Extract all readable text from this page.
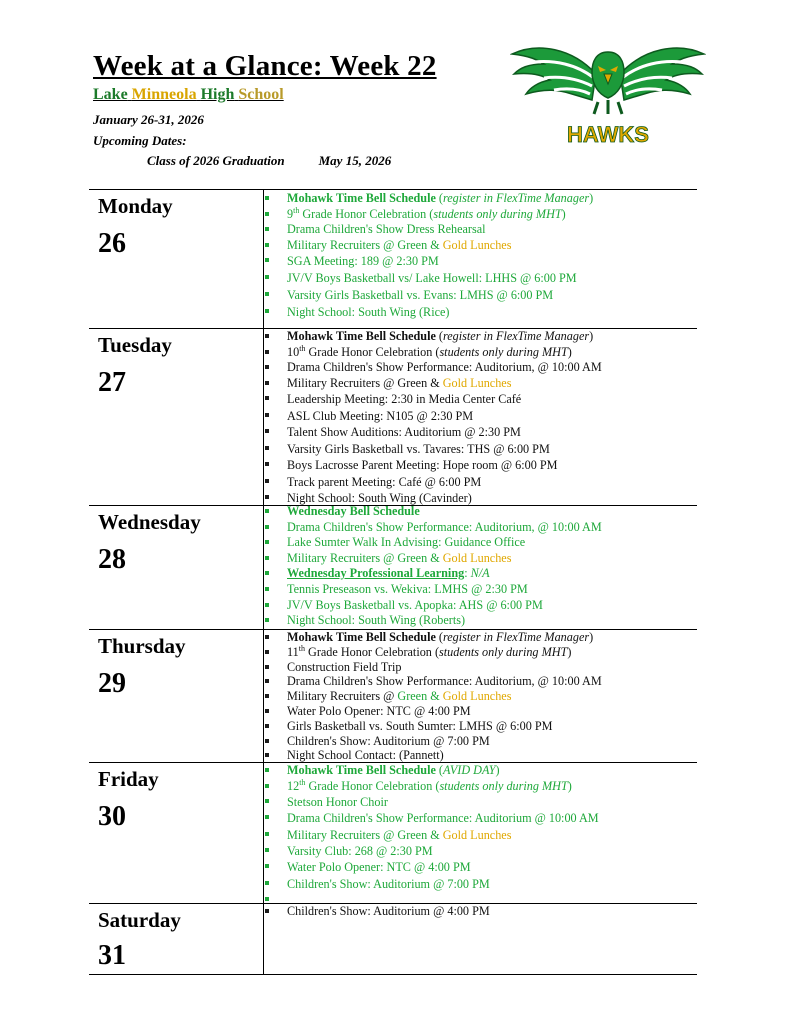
Week at a Glance: Week 22
Lake Minneola High School
January 26-31, 2026
Upcoming Dates:
Class of 2026 Graduation	May 15, 2026
HAWKS
Monday
26
Mohawk Time Bell Schedule (register in FlexTime Manager)
9th Grade Honor Celebration (students only during MHT)
Drama Children's Show Dress Rehearsal
Military Recruiters @ Green & Gold Lunches
SGA Meeting: 189 @ 2:30 PM
JV/V Boys Basketball vs/ Lake Howell: LHHS @ 6:00 PM
Varsity Girls Basketball vs. Evans: LMHS @ 6:00 PM
Night School: South Wing (Rice)
Tuesday
27
Mohawk Time Bell Schedule (register in FlexTime Manager)
10th Grade Honor Celebration (students only during MHT)
Drama Children's Show Performance: Auditorium, @ 10:00 AM
Military Recruiters @ Green & Gold Lunches
Leadership Meeting: 2:30 in Media Center Café
ASL Club Meeting: N105 @ 2:30 PM
Talent Show Auditions: Auditorium @ 2:30 PM
Varsity Girls Basketball vs. Tavares: THS @ 6:00 PM
Boys Lacrosse Parent Meeting: Hope room @ 6:00 PM
Track parent Meeting: Café @ 6:00 PM
Night School: South Wing (Cavinder)
Wednesday
28
Wednesday Bell Schedule
Drama Children's Show Performance: Auditorium, @ 10:00 AM
Lake Sumter Walk In Advising: Guidance Office
Military Recruiters @ Green & Gold Lunches
Wednesday Professional Learning: N/A
Tennis Preseason vs. Wekiva: LMHS @ 2:30 PM
JV/V Boys Basketball vs. Apopka: AHS @ 6:00 PM
Night School: South Wing (Roberts)
Thursday
29
Mohawk Time Bell Schedule (register in FlexTime Manager)
11th Grade Honor Celebration (students only during MHT)
Construction Field Trip
Drama Children's Show Performance: Auditorium, @ 10:00 AM
Military Recruiters @ Green & Gold Lunches
Water Polo Opener: NTC @ 4:00 PM
Girls Basketball vs. South Sumter: LMHS @ 6:00 PM
Children's Show: Auditorium @ 7:00 PM
Night School Contact: (Pannett)
Friday
30
Mohawk Time Bell Schedule (AVID DAY)
12th Grade Honor Celebration (students only during MHT)
Stetson Honor Choir
Drama Children's Show Performance: Auditorium @ 10:00 AM
Military Recruiters @ Green & Gold Lunches
Varsity Club: 268 @ 2:30 PM
Water Polo Opener: NTC @ 4:00 PM
Children's Show: Auditorium @ 7:00 PM
Saturday
31
Children's Show: Auditorium @ 4:00 PM
